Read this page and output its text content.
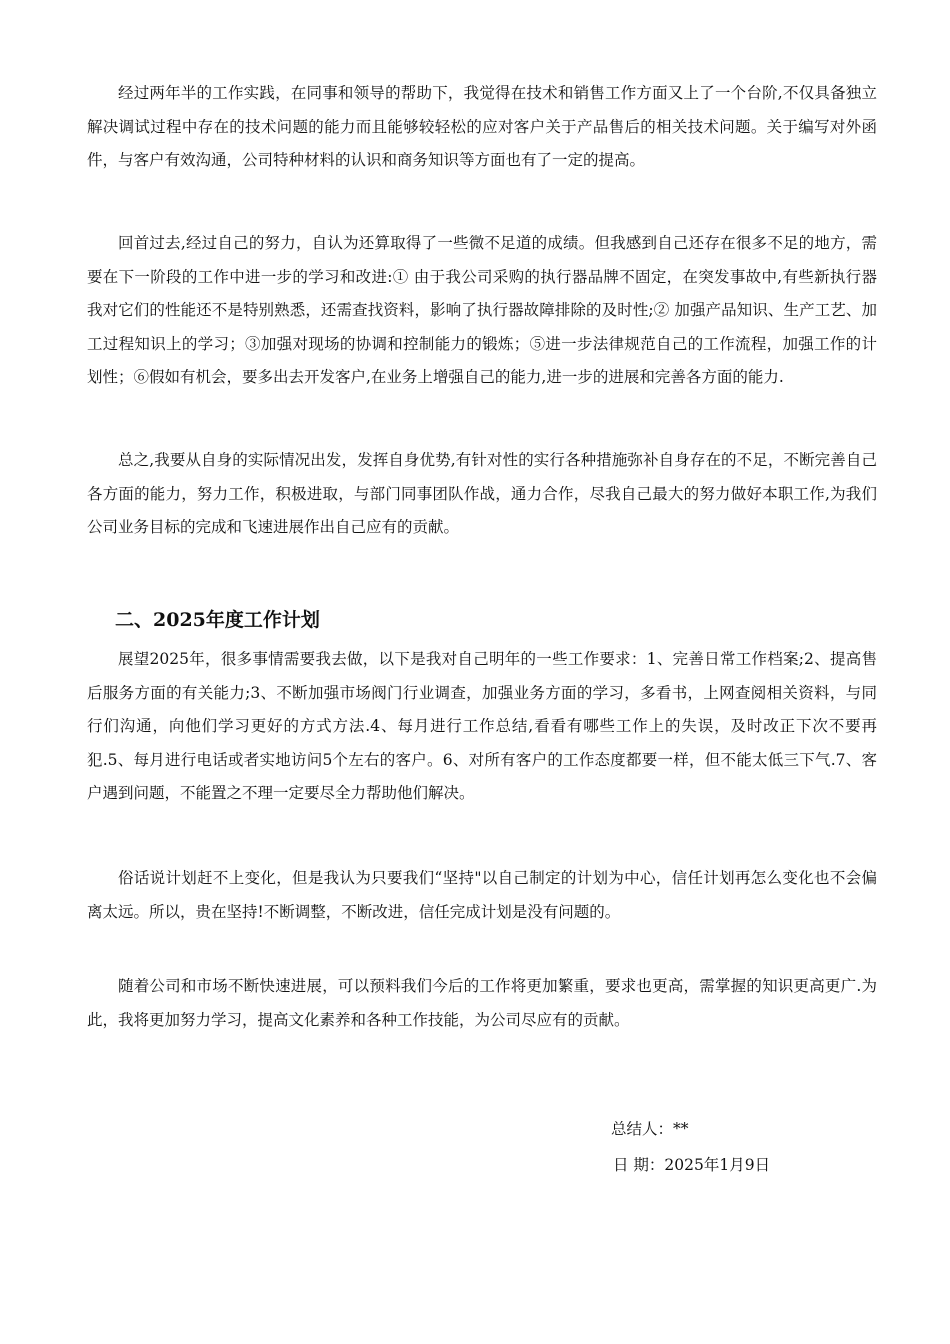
经过两年半的工作实践，在同事和领导的帮助下，我觉得在技术和销售工作方面又上了一个台阶,不仅具备独立解决调试过程中存在的技术问题的能力而且能够较轻松的应对客户关于产品售后的相关技术问题。关于编写对外函件，与客户有效沟通，公司特种材料的认识和商务知识等方面也有了一定的提高。

回首过去,经过自己的努力，自认为还算取得了一些微不足道的成绩。但我感到自己还存在很多不足的地方，需要在下一阶段的工作中进一步的学习和改进:① 由于我公司采购的执行器品牌不固定，在突发事故中,有些新执行器我对它们的性能还不是特别熟悉，还需查找资料，影响了执行器故障排除的及时性;② 加强产品知识、生产工艺、加工过程知识上的学习；③加强对现场的协调和控制能力的锻炼；⑤进一步法律规范自己的工作流程，加强工作的计划性；⑥假如有机会，要多出去开发客户,在业务上增强自己的能力,进一步的进展和完善各方面的能力.

总之,我要从自身的实际情况出发，发挥自身优势,有针对性的实行各种措施弥补自身存在的不足，不断完善自己各方面的能力，努力工作，积极进取，与部门同事团队作战，通力合作，尽我自己最大的努力做好本职工作,为我们公司业务目标的完成和飞速进展作出自己应有的贡献。

二、2025年度工作计划

展望2025年，很多事情需要我去做，以下是我对自己明年的一些工作要求：1、完善日常工作档案;2、提高售后服务方面的有关能力;3、不断加强市场阀门行业调查，加强业务方面的学习，多看书，上网查阅相关资料，与同行们沟通，向他们学习更好的方式方法.4、每月进行工作总结,看看有哪些工作上的失误，及时改正下次不要再犯.5、每月进行电话或者实地访问5个左右的客户。6、对所有客户的工作态度都要一样，但不能太低三下气.7、客户遇到问题，不能置之不理一定要尽全力帮助他们解决。

俗话说计划赶不上变化，但是我认为只要我们“坚持"以自己制定的计划为中心，信任计划再怎么变化也不会偏离太远。所以，贵在坚持!不断调整，不断改进，信任完成计划是没有问题的。

随着公司和市场不断快速进展，可以预料我们今后的工作将更加繁重，要求也更高，需掌握的知识更高更广.为此，我将更加努力学习，提高文化素养和各种工作技能，为公司尽应有的贡献。

总结人：**

日 期：2025年1月9日
